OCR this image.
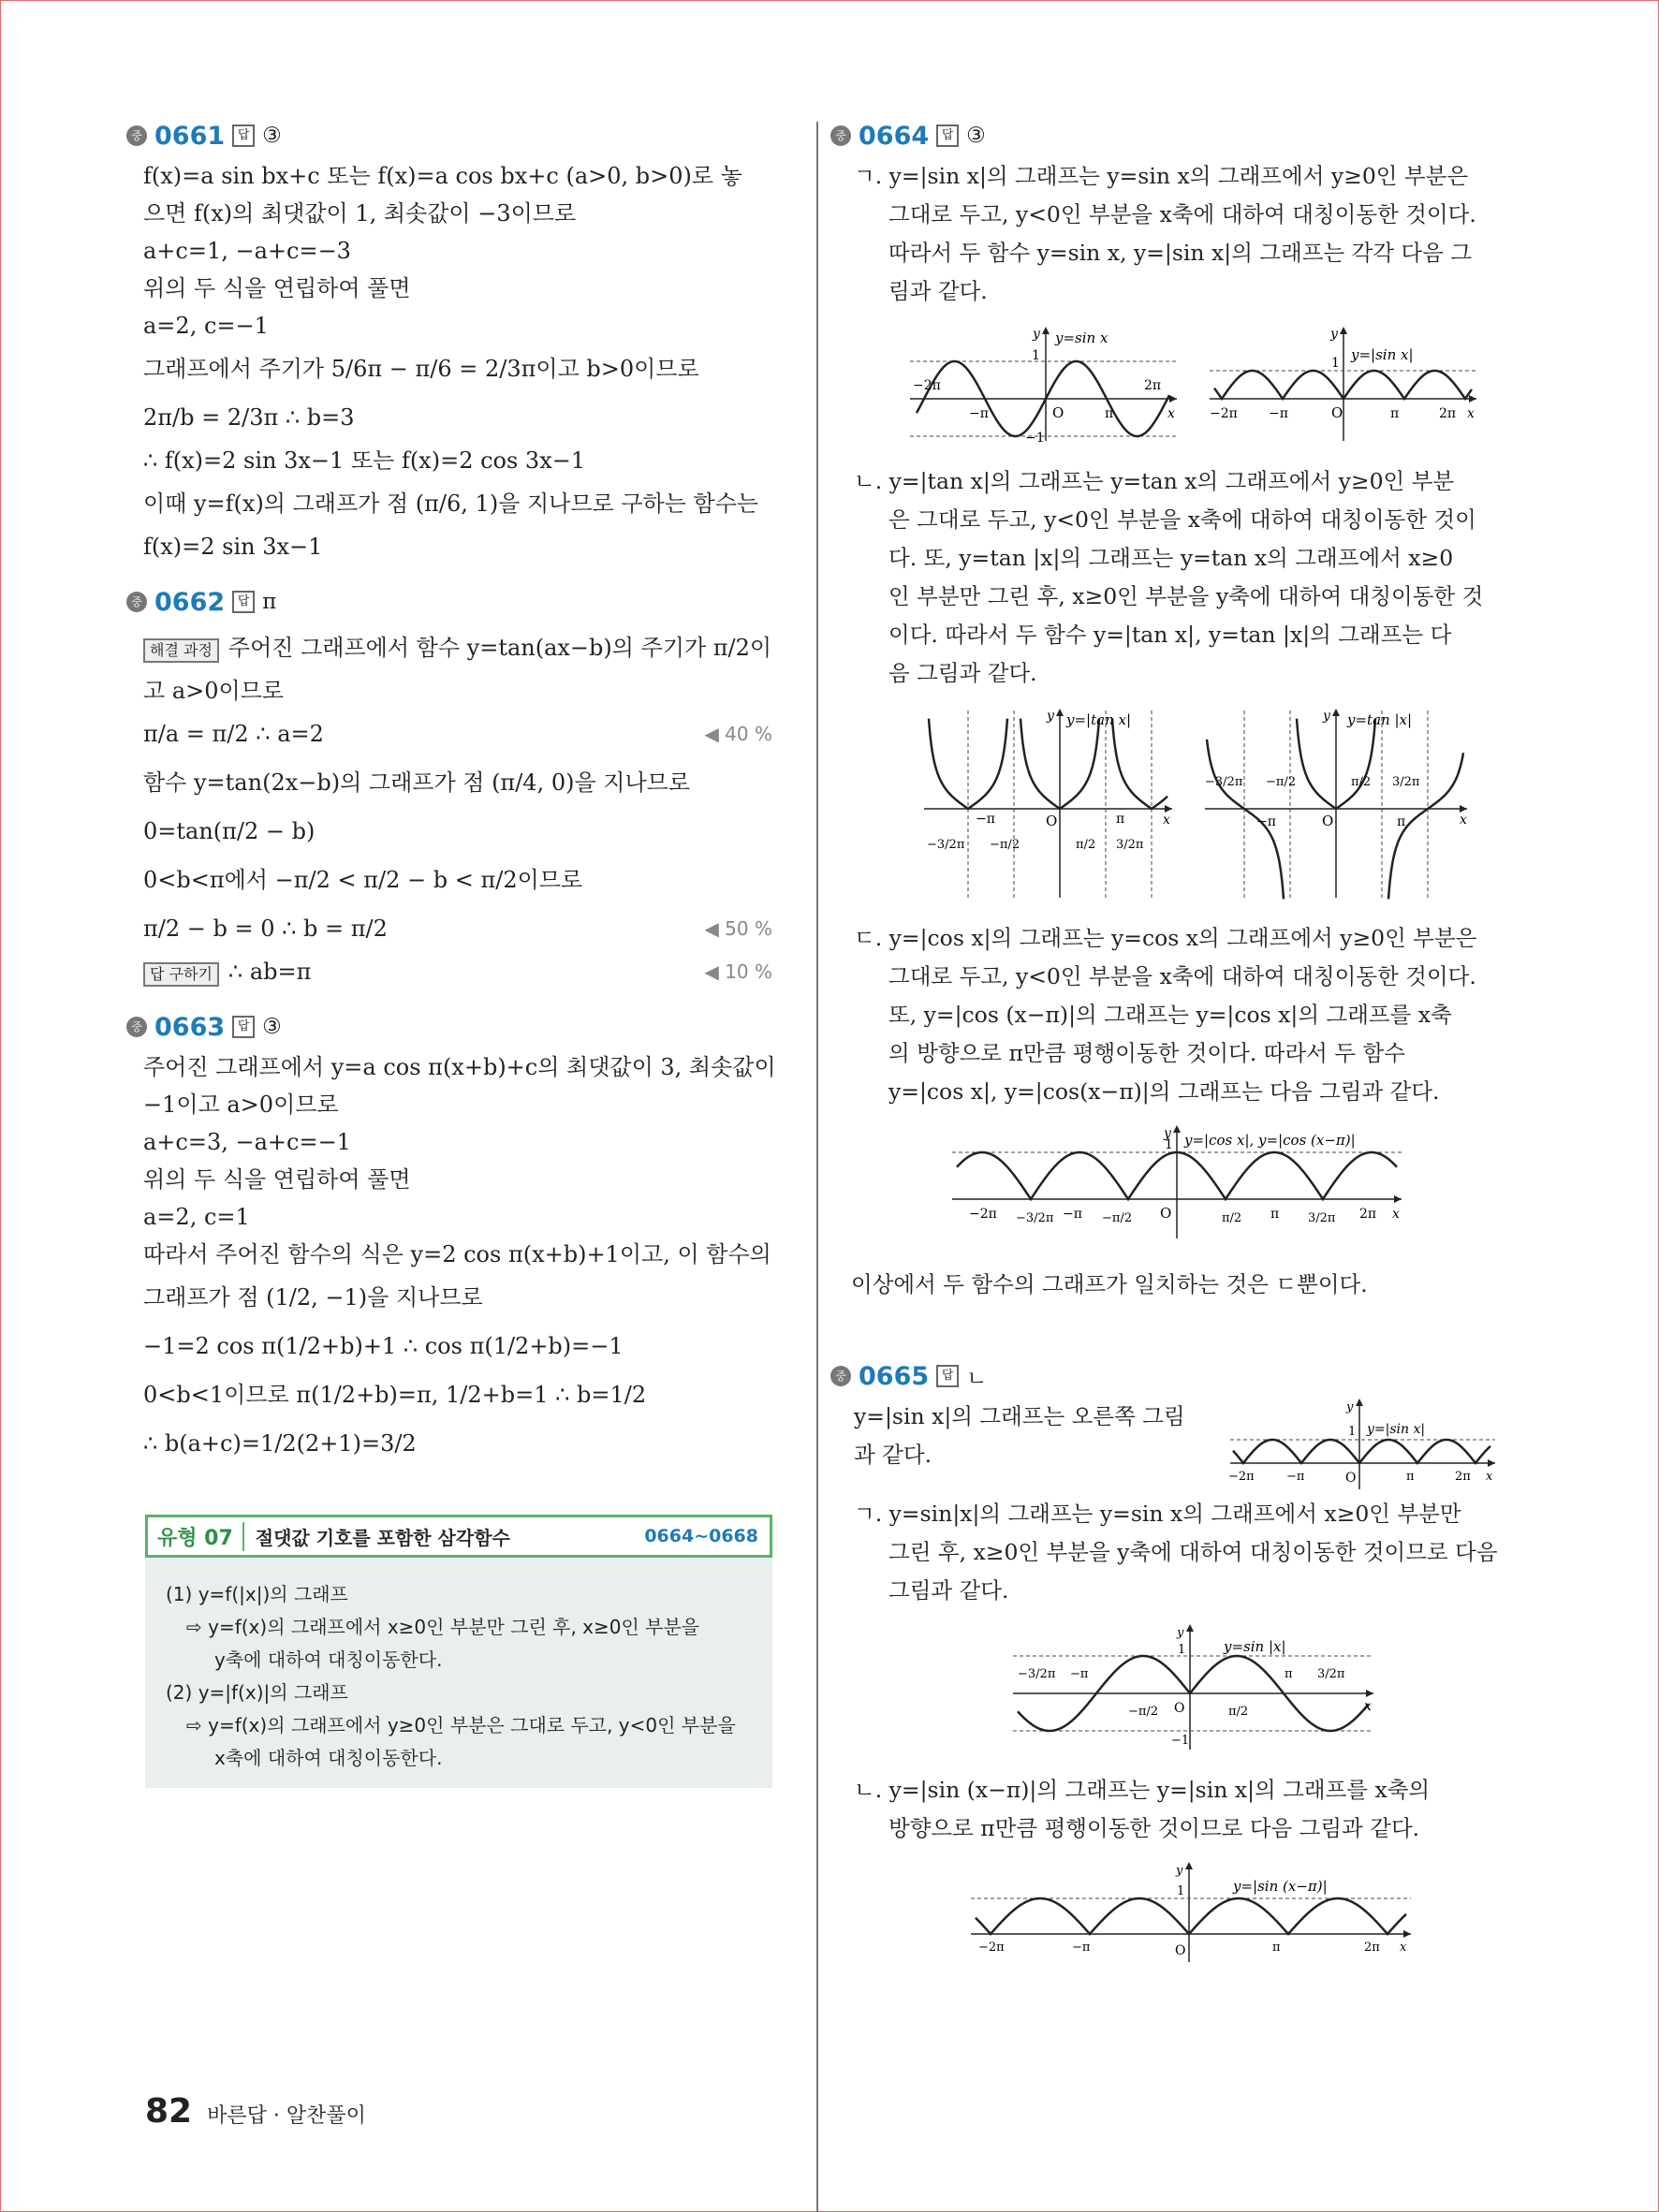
중 0661	답 ③
f(x)=a sin bx+c 또는 f(x)=a cos bx+c (a>0, b>0)로 놓
으면 f(x)의 최댓값이 1, 최솟값이 −3이므로
a+c=1, −a+c=−3
위의 두 식을 연립하여 풀면
a=2, c=−1
그래프에서 주기가 5/6π − π/6 = 2/3π이고 b>0이므로
2π/b = 2/3π ∴ b=3
∴ f(x)=2 sin 3x−1 또는 f(x)=2 cos 3x−1
이때 y=f(x)의 그래프가 점 (π/6, 1)을 지나므로 구하는 함수는
f(x)=2 sin 3x−1
중 0662	답 π
해결 과정 주어진 그래프에서 함수 y=tan(ax−b)의 주기가 π/2이
고 a>0이므로
π/a = π/2 ∴ a=2	◀ 40 %
함수 y=tan(2x−b)의 그래프가 점 (π/4, 0)을 지나므로
0=tan(π/2 − b)
0<b<π에서 −π/2 < π/2 − b < π/2이므로
π/2 − b = 0 ∴ b = π/2	◀ 50 %
답 구하기 ∴ ab=π	◀ 10 %
중 0663	답 ③
주어진 그래프에서 y=a cos π(x+b)+c의 최댓값이 3, 최솟값이
−1이고 a>0이므로
a+c=3, −a+c=−1
위의 두 식을 연립하여 풀면
a=2, c=1
따라서 주어진 함수의 식은 y=2 cos π(x+b)+1이고, 이 함수의
그래프가 점 (1/2, −1)을 지나므로
−1=2 cos π(1/2+b)+1 ∴ cos π(1/2+b)=−1
0<b<1이므로 π(1/2+b)=π, 1/2+b=1 ∴ b=1/2
∴ b(a+c)=1/2(2+1)=3/2
유형 07	절댓값 기호를 포함한 삼각함수	0664~0668
(1) y=f(|x|)의 그래프
⇨ y=f(x)의 그래프에서 x≥0인 부분만 그린 후, x≥0인 부분을
y축에 대하여 대칭이동한다.
(2) y=|f(x)|의 그래프
⇨ y=f(x)의 그래프에서 y≥0인 부분은 그대로 두고, y<0인 부분을
x축에 대하여 대칭이동한다.
중 0664	답 ③
ㄱ. y=|sin x|의 그래프는 y=sin x의 그래프에서 y≥0인 부분은
그대로 두고, y<0인 부분을 x축에 대하여 대칭이동한 것이다.
따라서 두 함수 y=sin x, y=|sin x|의 그래프는 각각 다음 그
림과 같다.
y=sin x
1
−1
O
−2π	2π
−π	π	x
y
y=|sin x|
1
O
−2π −π	π	2π x
y
ㄴ. y=|tan x|의 그래프는 y=tan x의 그래프에서 y≥0인 부분
은 그대로 두고, y<0인 부분을 x축에 대하여 대칭이동한 것이
다. 또, y=tan |x|의 그래프는 y=tan x의 그래프에서 x≥0
인 부분만 그린 후, x≥0인 부분을 y축에 대하여 대칭이동한 것
이다. 따라서 두 함수 y=|tan x|, y=tan |x|의 그래프는 다
음 그림과 같다.
y=|tan x|
y
O
−π	π	x
−3/2π −π/2	π/2 3/2π
y=tan |x|
y
O
−π	π	x
−3/2π −π/2	π/2 3/2π
ㄷ. y=|cos x|의 그래프는 y=cos x의 그래프에서 y≥0인 부분은
그대로 두고, y<0인 부분을 x축에 대하여 대칭이동한 것이다.
또, y=|cos (x−π)|의 그래프는 y=|cos x|의 그래프를 x축
의 방향으로 π만큼 평행이동한 것이다. 따라서 두 함수
y=|cos x|, y=|cos(x−π)|의 그래프는 다음 그림과 같다.
y=|cos x|, y=|cos (x−π)|
y
1
O
−2π −3/2π −π −π/2	π/2 π 3/2π 2π x
이상에서 두 함수의 그래프가 일치하는 것은 ㄷ뿐이다.
중 0665	답 ㄴ
y=|sin x|의 그래프는 오른쪽 그림
과 같다.
y=|sin x|
y
1
O
−2π	−π	π	2π x
ㄱ. y=sin|x|의 그래프는 y=sin x의 그래프에서 x≥0인 부분만
그린 후, x≥0인 부분을 y축에 대하여 대칭이동한 것이므로 다음
그림과 같다.
y=sin |x|
y
1
−1
O
−3/2π −π
−π/2	π/2
π 3/2π
x
ㄴ. y=|sin (x−π)|의 그래프는 y=|sin x|의 그래프를 x축의
방향으로 π만큼 평행이동한 것이므로 다음 그림과 같다.
y=|sin (x−π)|
y
1
O
−2π	−π	π	2π x
82 바른답 · 알찬풀이
